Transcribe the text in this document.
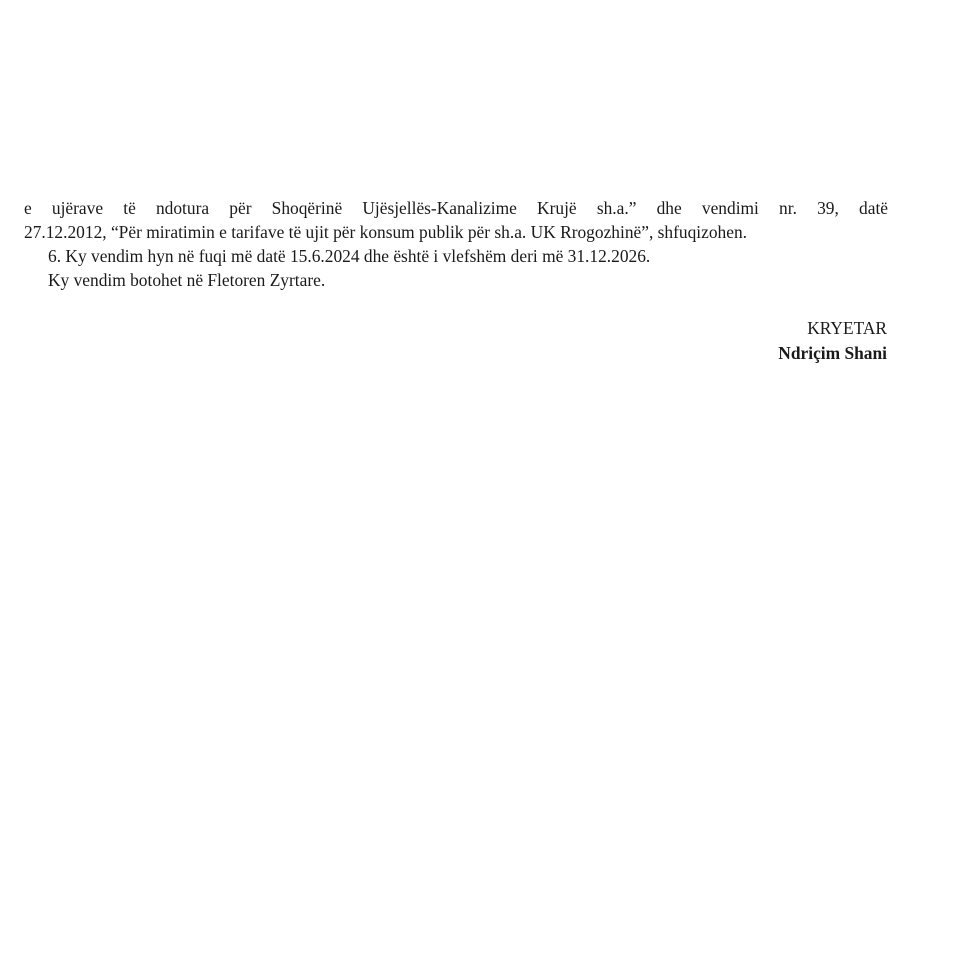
e ujërave të ndotura për Shoqërinë Ujësjellës-Kanalizime Krujë sh.a.” dhe vendimi nr. 39, datë
27.12.2012, “Për miratimin e tarifave të ujit për konsum publik për sh.a. UK Rrogozhinë”, shfuqizohen.

6. Ky vendim hyn në fuqi më datë 15.6.2024 dhe është i vlefshëm deri më 31.12.2026.

Ky vendim botohet në Fletoren Zyrtare.

KRYETAR
Ndriçim Shani
